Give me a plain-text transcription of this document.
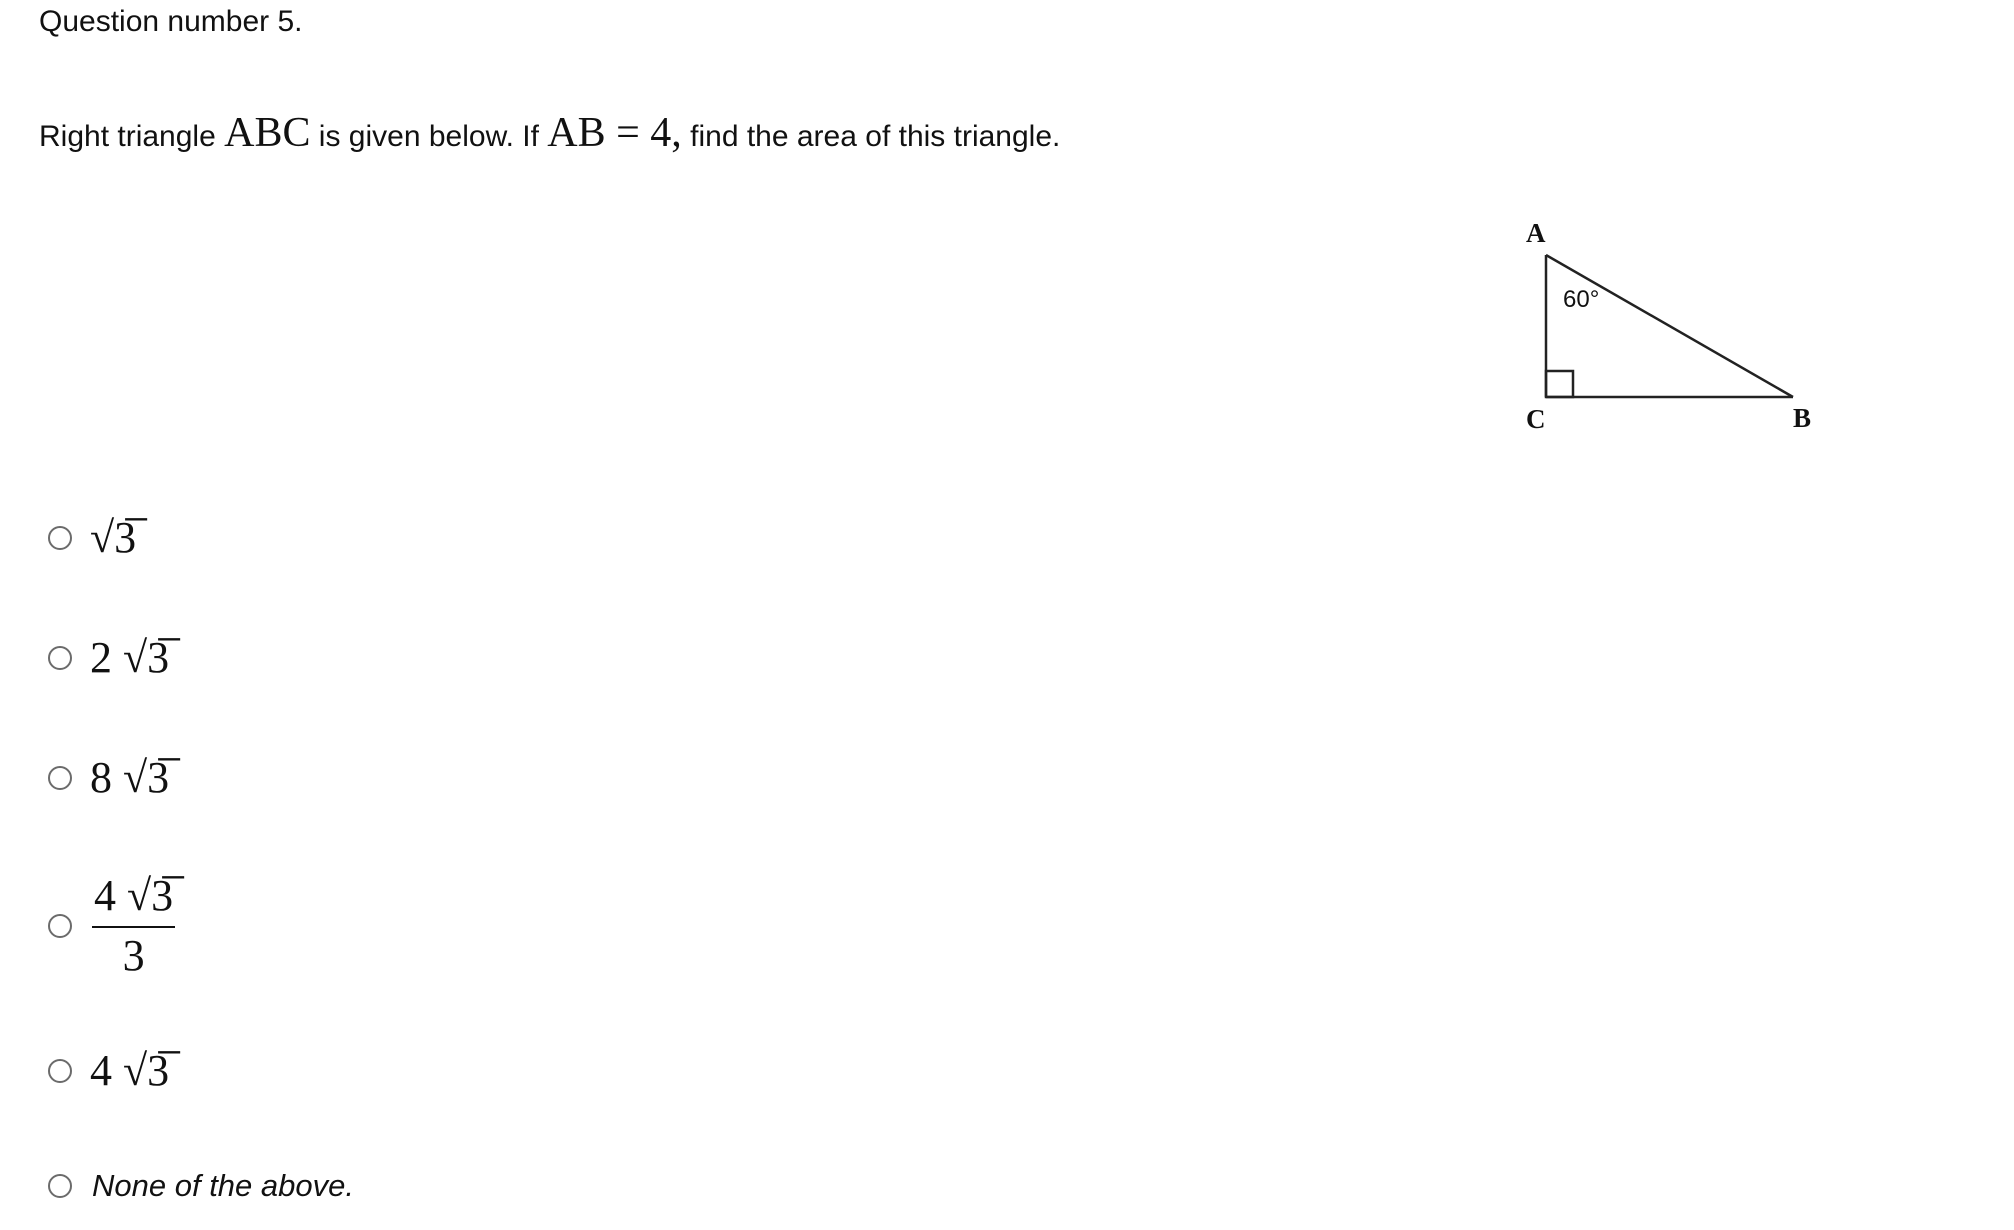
Question number 5.
Right triangle ABC is given below. If AB = 4, find the area of this triangle.
A
C	B
60°
√3̅
2 √3̅
8 √3̅
$\frac{4 √3̅}{3}$
4 √3̅
None of the above.
